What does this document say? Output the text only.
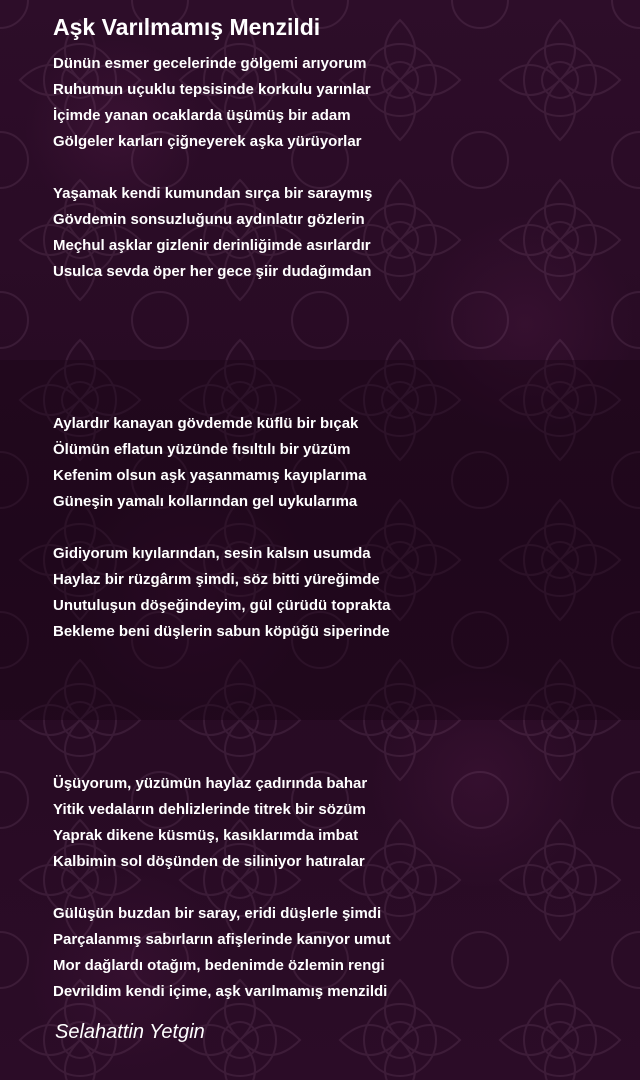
Aşk Varılmamış Menzildi
Dünün esmer gecelerinde gölgemi arıyorum
Ruhumun uçuklu tepsisinde korkulu yarınlar
İçimde yanan ocaklarda üşümüş bir adam
Gölgeler karları çiğneyerek aşka yürüyorlar
Yaşamak kendi kumundan sırça bir saraymış
Gövdemin sonsuzluğunu aydınlatır gözlerin
Meçhul aşklar gizlenir derinliğimde asırlardır
Usulca sevda öper her gece şiir dudağımdan
Aylardır kanayan gövdemde küflü bir bıçak
Ölümün eflatun yüzünde fısıltılı bir yüzüm
Kefenim olsun aşk yaşanmamış kayıplarıma
Güneşin yamalı kollarından gel uykularıma
Gidiyorum kıyılarından, sesin kalsın usumda
Haylaz bir rüzgârım şimdi, söz bitti yüreğimde
Unutuluşun döşeğindeyim, gül çürüdü toprakta
Bekleme beni düşlerin sabun köpüğü siperinde
Üşüyorum, yüzümün haylaz çadırında bahar
Yitik vedaların dehlizlerinde titrek bir sözüm
Yaprak dikene küsmüş, kasıklarımda imbat
Kalbimin sol döşünden de siliniyor hatıralar
Gülüşün buzdan bir saray, eridi düşlerle şimdi
Parçalanmış sabırların afişlerinde kanıyor umut
Mor dağlardı otağım, bedenimde özlemin rengi
Devrildim kendi içime, aşk varılmamış menzildi
Selahattin Yetgin
